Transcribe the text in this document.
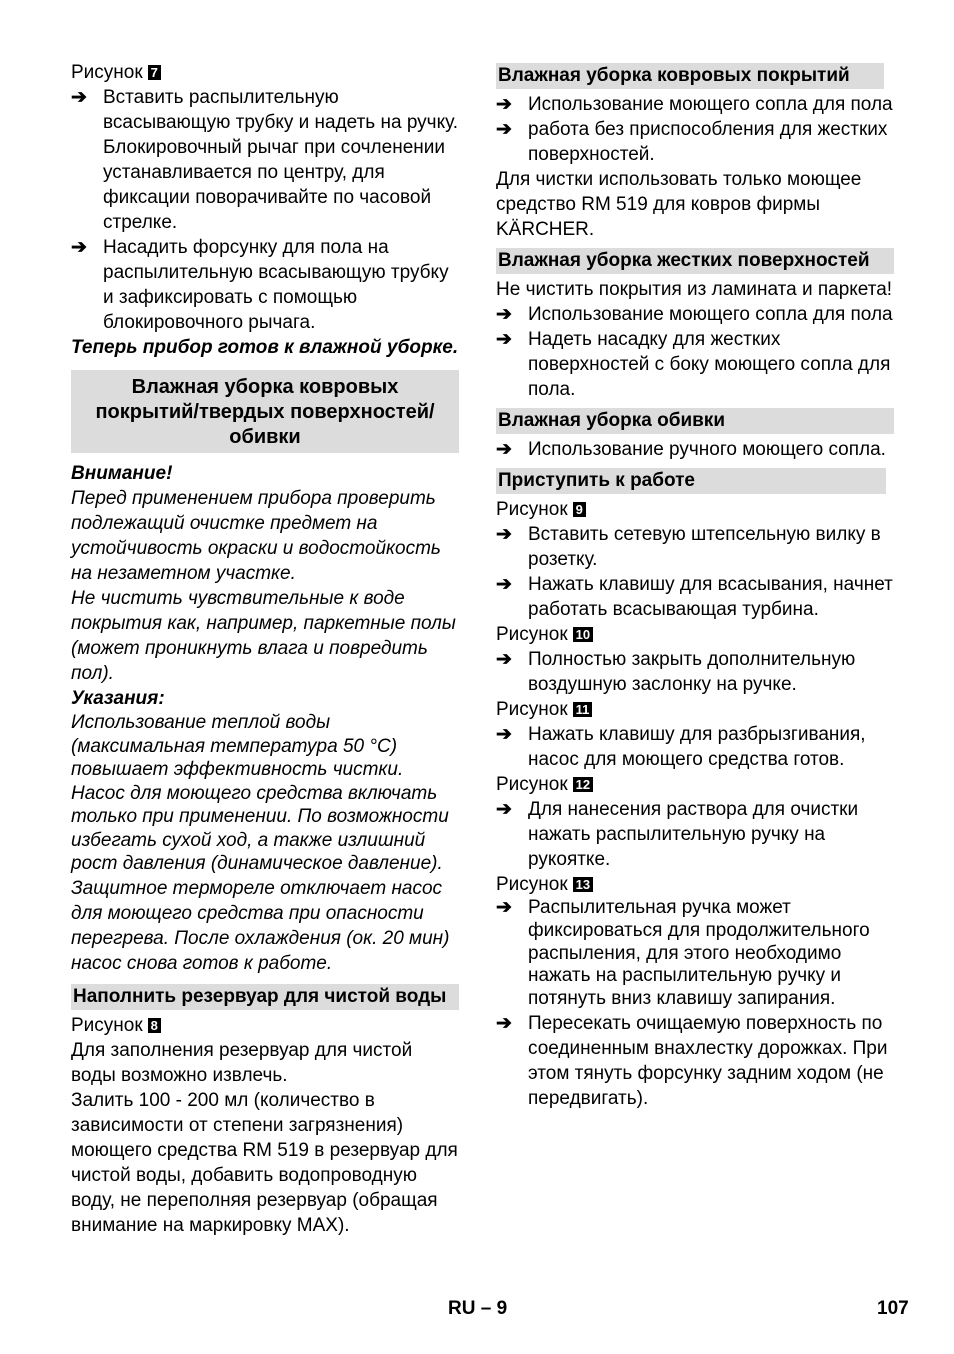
Рисунок 7
➔ Вставить распылительную всасывающую трубку и надеть на ручку. Блокировочный рычаг при сочленении устанавливается по центру, для фиксации поворачивайте по часовой стрелке.
➔ Насадить форсунку для пола на распылительную всасывающую трубку и зафиксировать с помощью блокировочного рычага.
Теперь прибор готов к влажной уборке.
Влажная уборка ковровых покрытий/твердых поверхностей/обивки
Внимание!
Перед применением прибора проверить подлежащий очистке предмет на устойчивость окраски и водостойкость на незаметном участке.
Не чистить чувствительные к воде покрытия как, например, паркетные полы (может проникнуть влага и повредить пол).
Указания:
Использование теплой воды (максимальная температура 50 °C) повышает эффективность чистки.
Насос для моющего средства включать только при применении. По возможности избегать сухой ход, а также излишний рост давления (динамическое давление).
Защитное термореле отключает насос для моющего средства при опасности перегрева. После охлаждения (ок. 20 мин) насос снова готов к работе.
Наполнить резервуар для чистой воды
Рисунок 8

Для заполнения резервуар для чистой воды возможно извлечь.

Залить 100 - 200 мл (количество в зависимости от степени загрязнения) моющего средства RM 519 в резервуар для чистой воды, добавить водопроводную воду, не переполняя резервуар (обращая внимание на маркировку MAX).

Влажная уборка ковровых покрытий
➔ Использование моющего сопла для пола
➔ работа без приспособления для жестких поверхностей.

Для чистки использовать только моющее средство RM 519 для ковров фирмы KÄRCHER.

Влажная уборка жестких поверхностей

Не чистить покрытия из ламината и паркета!

➔ Использование моющего сопла для пола
➔ Надеть насадку для жестких поверхностей с боку моющего сопла для пола.
Влажная уборка обивки
➔ Использование ручного моющего сопла.
Приступить к работе
Рисунок 9
➔ Вставить сетевую штепсельную вилку в розетку.
➔ Нажать клавишу для всасывания, начнет работать всасывающая турбина.
Рисунок 10
➔ Полностью закрыть дополнительную воздушную заслонку на ручке.
Рисунок 11
➔ Нажать клавишу для разбрызгивания, насос для моющего средства готов.
Рисунок 12
➔ Для нанесения раствора для очистки нажать распылительную ручку на рукоятке.
Рисунок 13
➔ Распылительная ручка может фиксироваться для продолжительного распыления, для этого необходимо нажать на распылительную ручку и потянуть вниз клавишу запирания.
➔ Пересекать очищаемую поверхность по соединенным внахлестку дорожках. При этом тянуть форсунку задним ходом (не передвигать).
RU – 9	107
